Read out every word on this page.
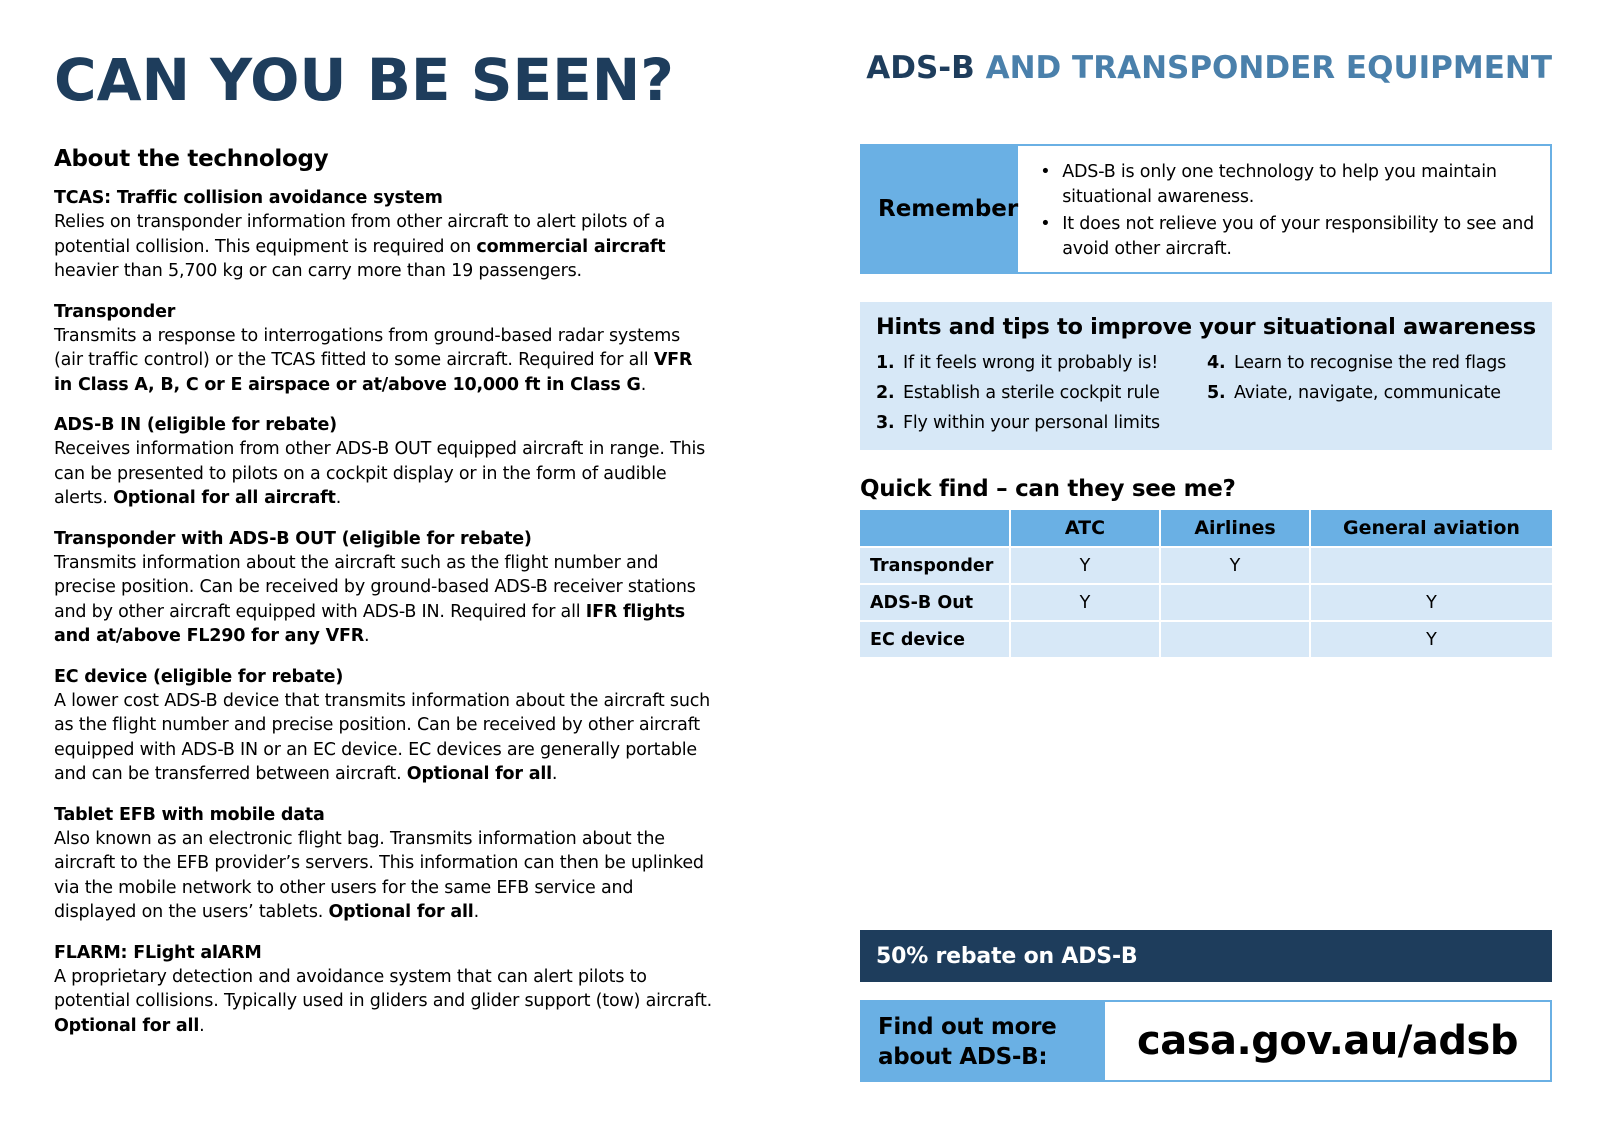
CAN YOU BE SEEN?
About the technology
TCAS: Traffic collision avoidance system
Relies on transponder information from other aircraft to alert pilots of a potential collision. This equipment is required on commercial aircraft heavier than 5,700 kg or can carry more than 19 passengers.
Transponder
Transmits a response to interrogations from ground-based radar systems (air traffic control) or the TCAS fitted to some aircraft. Required for all VFR in Class A, B, C or E airspace or at/above 10,000 ft in Class G.
ADS-B IN (eligible for rebate)
Receives information from other ADS-B OUT equipped aircraft in range. This can be presented to pilots on a cockpit display or in the form of audible alerts. Optional for all aircraft.
Transponder with ADS-B OUT (eligible for rebate)
Transmits information about the aircraft such as the flight number and precise position. Can be received by ground-based ADS-B receiver stations and by other aircraft equipped with ADS-B IN. Required for all IFR flights and at/above FL290 for any VFR.
EC device (eligible for rebate)
A lower cost ADS-B device that transmits information about the aircraft such as the flight number and precise position. Can be received by other aircraft equipped with ADS-B IN or an EC device. EC devices are generally portable and can be transferred between aircraft. Optional for all.
Tablet EFB with mobile data
Also known as an electronic flight bag. Transmits information about the aircraft to the EFB provider’s servers. This information can then be uplinked via the mobile network to other users for the same EFB service and displayed on the users’ tablets. Optional for all.
FLARM: FLight alARM
A proprietary detection and avoidance system that can alert pilots to potential collisions. Typically used in gliders and glider support (tow) aircraft. Optional for all.
ADS-B AND TRANSPONDER EQUIPMENT
Remember
• ADS-B is only one technology to help you maintain situational awareness.
• It does not relieve you of your responsibility to see and avoid other aircraft.
Hints and tips to improve your situational awareness
1. If it feels wrong it probably is!
2. Establish a sterile cockpit rule
3. Fly within your personal limits
4. Learn to recognise the red flags
5. Aviate, navigate, communicate
Quick find – can they see me?
	ATC	Airlines	General aviation
Transponder	Y	Y	
ADS-B Out	Y		Y
EC device			Y
50% rebate on ADS-B
Find out more about ADS-B:	casa.gov.au/adsb
